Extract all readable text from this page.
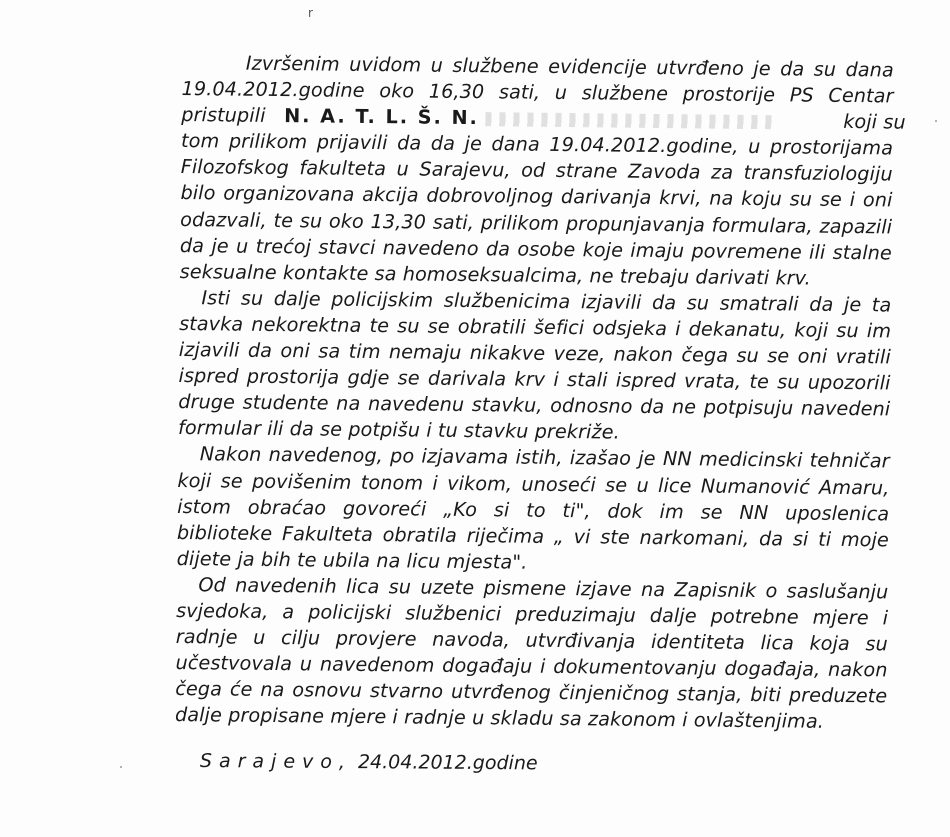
r
Izvršenim uvidom u službene evidencije utvrđeno je da su dana
19.04.2012.godine oko 16,30 sati, u službene prostorije PS Centar
pristupili N. A. T. L. Š. N.	koji su
tom prilikom prijavili da da je dana 19.04.2012.godine, u prostorijama
Filozofskog fakulteta u Sarajevu, od strane Zavoda za transfuziologiju
bilo organizovana akcija dobrovoljnog darivanja krvi, na koju su se i oni
odazvali, te su oko 13,30 sati, prilikom propunjavanja formulara, zapazili
da je u trećoj stavci navedeno da osobe koje imaju povremene ili stalne
seksualne kontakte sa homoseksualcima, ne trebaju darivati krv.
Isti su dalje policijskim službenicima izjavili da su smatrali da je ta
stavka nekorektna te su se obratili šefici odsjeka i dekanatu, koji su im
izjavili da oni sa tim nemaju nikakve veze, nakon čega su se oni vratili
ispred prostorija gdje se darivala krv i stali ispred vrata, te su upozorili
druge studente na navedenu stavku, odnosno da ne potpisuju navedeni
formular ili da se potpišu i tu stavku prekriže.
Nakon navedenog, po izjavama istih, izašao je NN medicinski tehničar
koji se povišenim tonom i vikom, unoseći se u lice Numanović Amaru,
istom obraćao govoreći „Ko si to ti", dok im se NN uposlenica
biblioteke Fakulteta obratila riječima „ vi ste narkomani, da si ti moje
dijete ja bih te ubila na licu mjesta".
Od navedenih lica su uzete pismene izjave na Zapisnik o saslušanju
svjedoka, a policijski službenici preduzimaju dalje potrebne mjere i
radnje u cilju provjere navoda, utvrđivanja identiteta lica koja su
učestvovala u navedenom događaju i dokumentovanju događaja, nakon
čega će na osnovu stvarno utvrđenog činjeničnog stanja, biti preduzete
dalje propisane mjere i radnje u skladu sa zakonom i ovlaštenjima.
Sarajevo, 24.04.2012.godine
